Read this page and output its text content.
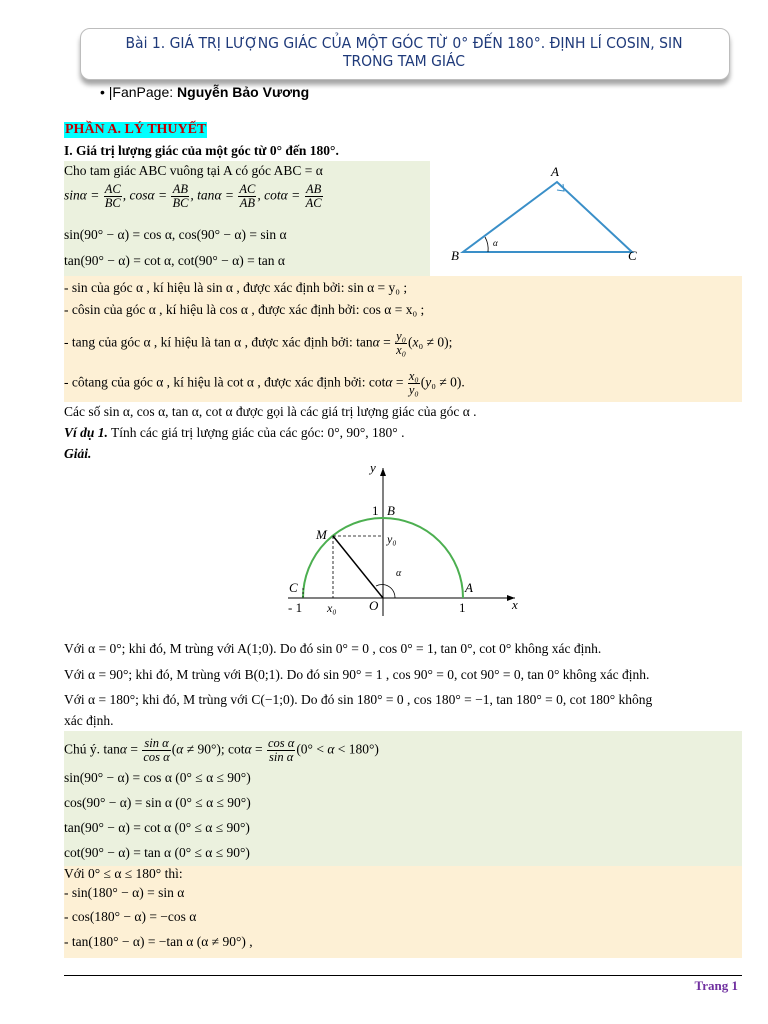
Bài 1. GIÁ TRỊ LƯỢNG GIÁC CỦA MỘT GÓC TỪ 0° ĐẾN 180°. ĐỊNH LÍ COSIN, SIN
TRONG TAM GIÁC
• |FanPage: Nguyễn Bảo Vương
PHẦN A. LÝ THUYẾT
I. Giá trị lượng giác của một góc từ 0° đến 180°.
Cho tam giác ABC vuông tại A có góc ABC = α
$\sin\alpha = \frac{AC}{BC}$ , $\cos\alpha = \frac{AB}{BC}$ , $\tan\alpha = \frac{AC}{AB}$ , $\cot\alpha = \frac{AB}{AC}$
sin(90° − α) = cos α, cos(90° − α) = sin α
tan(90° − α) = cot α, cot(90° − α) = tan α
A
B	C
α
- sin của góc α , kí hiệu là sin α , được xác định bởi: sin α = y₀ ;
- côsin của góc α , kí hiệu là cos α , được xác định bởi: cos α = x₀ ;
- tang của góc α , kí hiệu là tan α , được xác định bởi: $\tan\alpha = \frac{\text{y₀}}{\text{x₀}} (x_0 \ne 0)$;
- côtang của góc α , kí hiệu là cot α , được xác định bởi: $\cot\alpha = \frac{\text{x₀}}{\text{y₀}} (y_0 \ne 0)$.
Các số sin α, cos α, tan α, cot α được gọi là các giá trị lượng giác của góc α .
Ví dụ 1. Tính các giá trị lượng giác của các góc: 0°, 90°, 180° .
Giải.
y
x
1 B
M	y₀
α
C	A
- 1 x₀	O	1
Với α = 0°; khi đó, M trùng với A(1;0). Do đó sin 0° = 0 , cos 0° = 1, tan 0°, cot 0° không xác định.
Với α = 90°; khi đó, M trùng với B(0;1). Do đó sin 90° = 1 , cos 90° = 0, cot 90° = 0, tan 0° không xác định.
Với α = 180°; khi đó, M trùng với C(−1;0). Do đó sin 180° = 0 , cos 180° = −1, tan 180° = 0, cot 180° không
xác định.
Chú ý. $\tan\alpha = \frac{\text{sin α}}{\text{cos α}} (\alpha \ne 90^\circ)$; $\cot\alpha = \frac{\text{cos α}}{\text{sin α}} (0^\circ < \alpha < 180^\circ)$
sin(90° − α) = cos α (0° ≤ α ≤ 90°)
cos(90° − α) = sin α (0° ≤ α ≤ 90°)
tan(90° − α) = cot α (0° ≤ α ≤ 90°)
cot(90° − α) = tan α (0° ≤ α ≤ 90°)
Với 0° ≤ α ≤ 180° thì:
- sin(180° − α) = sin α
- cos(180° − α) = −cos α
- tan(180° − α) = −tan α (α ≠ 90°) ,
Trang 1
